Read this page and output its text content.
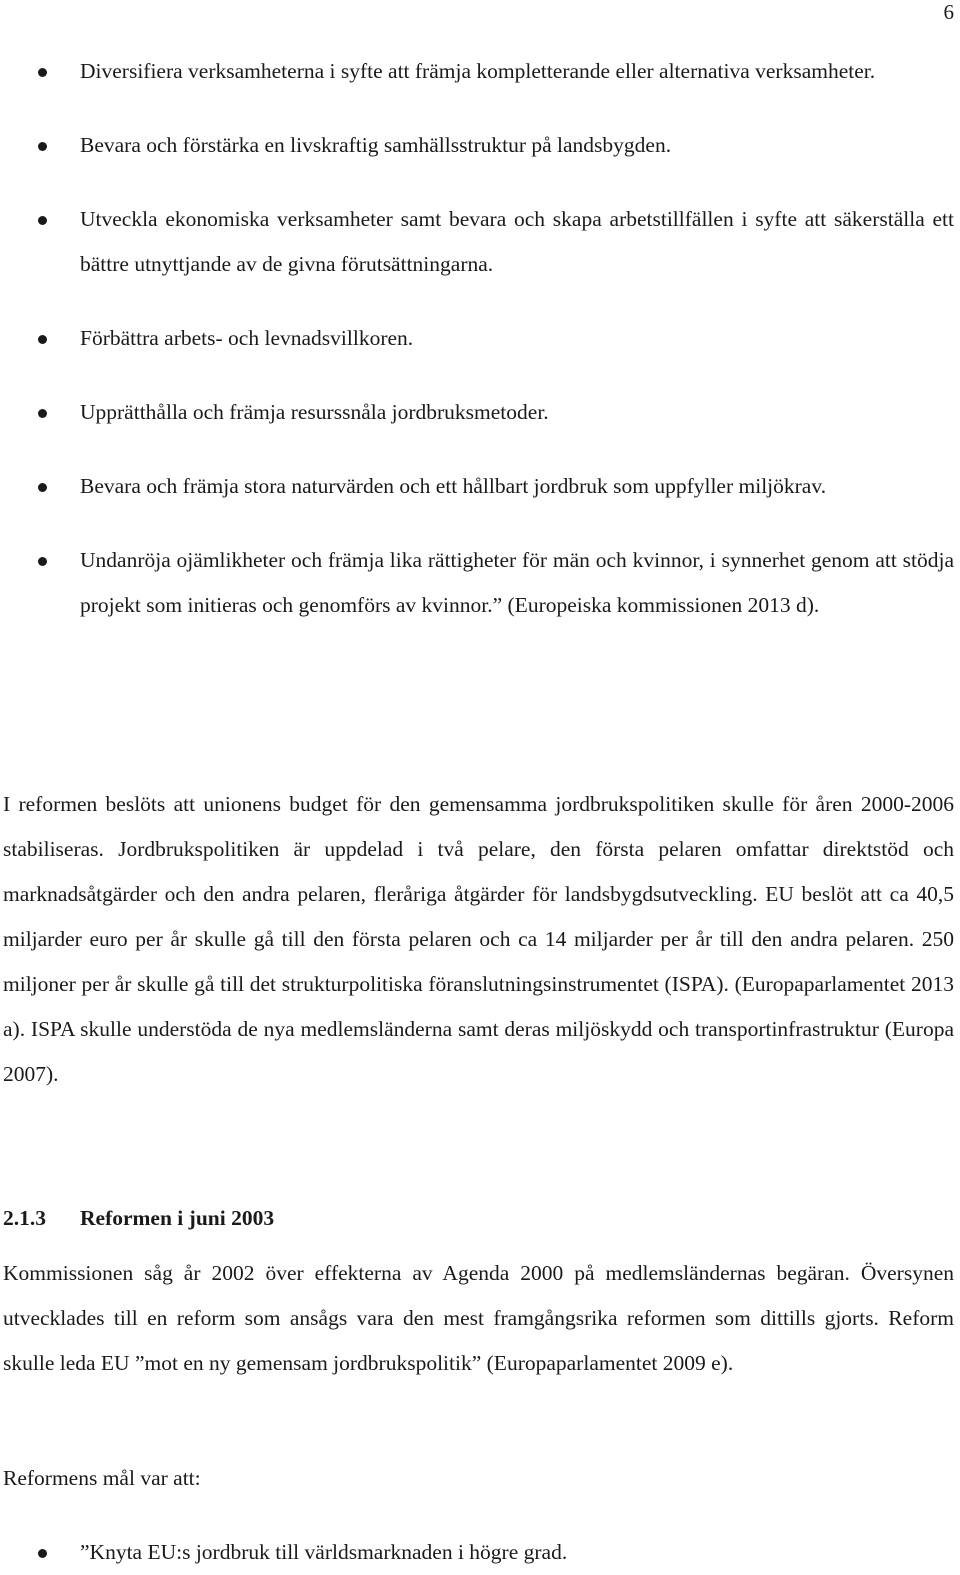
6
Diversifiera verksamheterna i syfte att främja kompletterande eller alternativa verksamheter.
Bevara och förstärka en livskraftig samhällsstruktur på landsbygden.
Utveckla ekonomiska verksamheter samt bevara och skapa arbetstillfällen i syfte att säkerställa ett bättre utnyttjande av de givna förutsättningarna.
Förbättra arbets- och levnadsvillkoren.
Upprätthålla och främja resurssnåla jordbruksmetoder.
Bevara och främja stora naturvärden och ett hållbart jordbruk som uppfyller miljökrav.
Undanröja ojämlikheter och främja lika rättigheter för män och kvinnor, i synnerhet genom att stödja projekt som initieras och genomförs av kvinnor.” (Europeiska kommissionen 2013 d).

I reformen beslöts att unionens budget för den gemensamma jordbrukspolitiken skulle för åren 2000-2006 stabiliseras. Jordbrukspolitiken är uppdelad i två pelare, den första pelaren omfattar direktstöd och marknadsåtgärder och den andra pelaren, fleråriga åtgärder för landsbygdsutveckling. EU beslöt att ca 40,5 miljarder euro per år skulle gå till den första pelaren och ca 14 miljarder per år till den andra pelaren. 250 miljoner per år skulle gå till det strukturpolitiska föranslutningsinstrumentet (ISPA). (Europaparlamentet 2013 a). ISPA skulle understöda de nya medlemsländerna samt deras miljöskydd och transportinfrastruktur (Europa 2007).

2.1.3 Reformen i juni 2003

Kommissionen såg år 2002 över effekterna av Agenda 2000 på medlemsländernas begäran. Översynen utvecklades till en reform som ansågs vara den mest framgångsrika reformen som dittills gjorts. Reform skulle leda EU ”mot en ny gemensam jordbrukspolitik” (Europaparlamentet 2009 e).

Reformens mål var att:

”Knyta EU:s jordbruk till världsmarknaden i högre grad.
